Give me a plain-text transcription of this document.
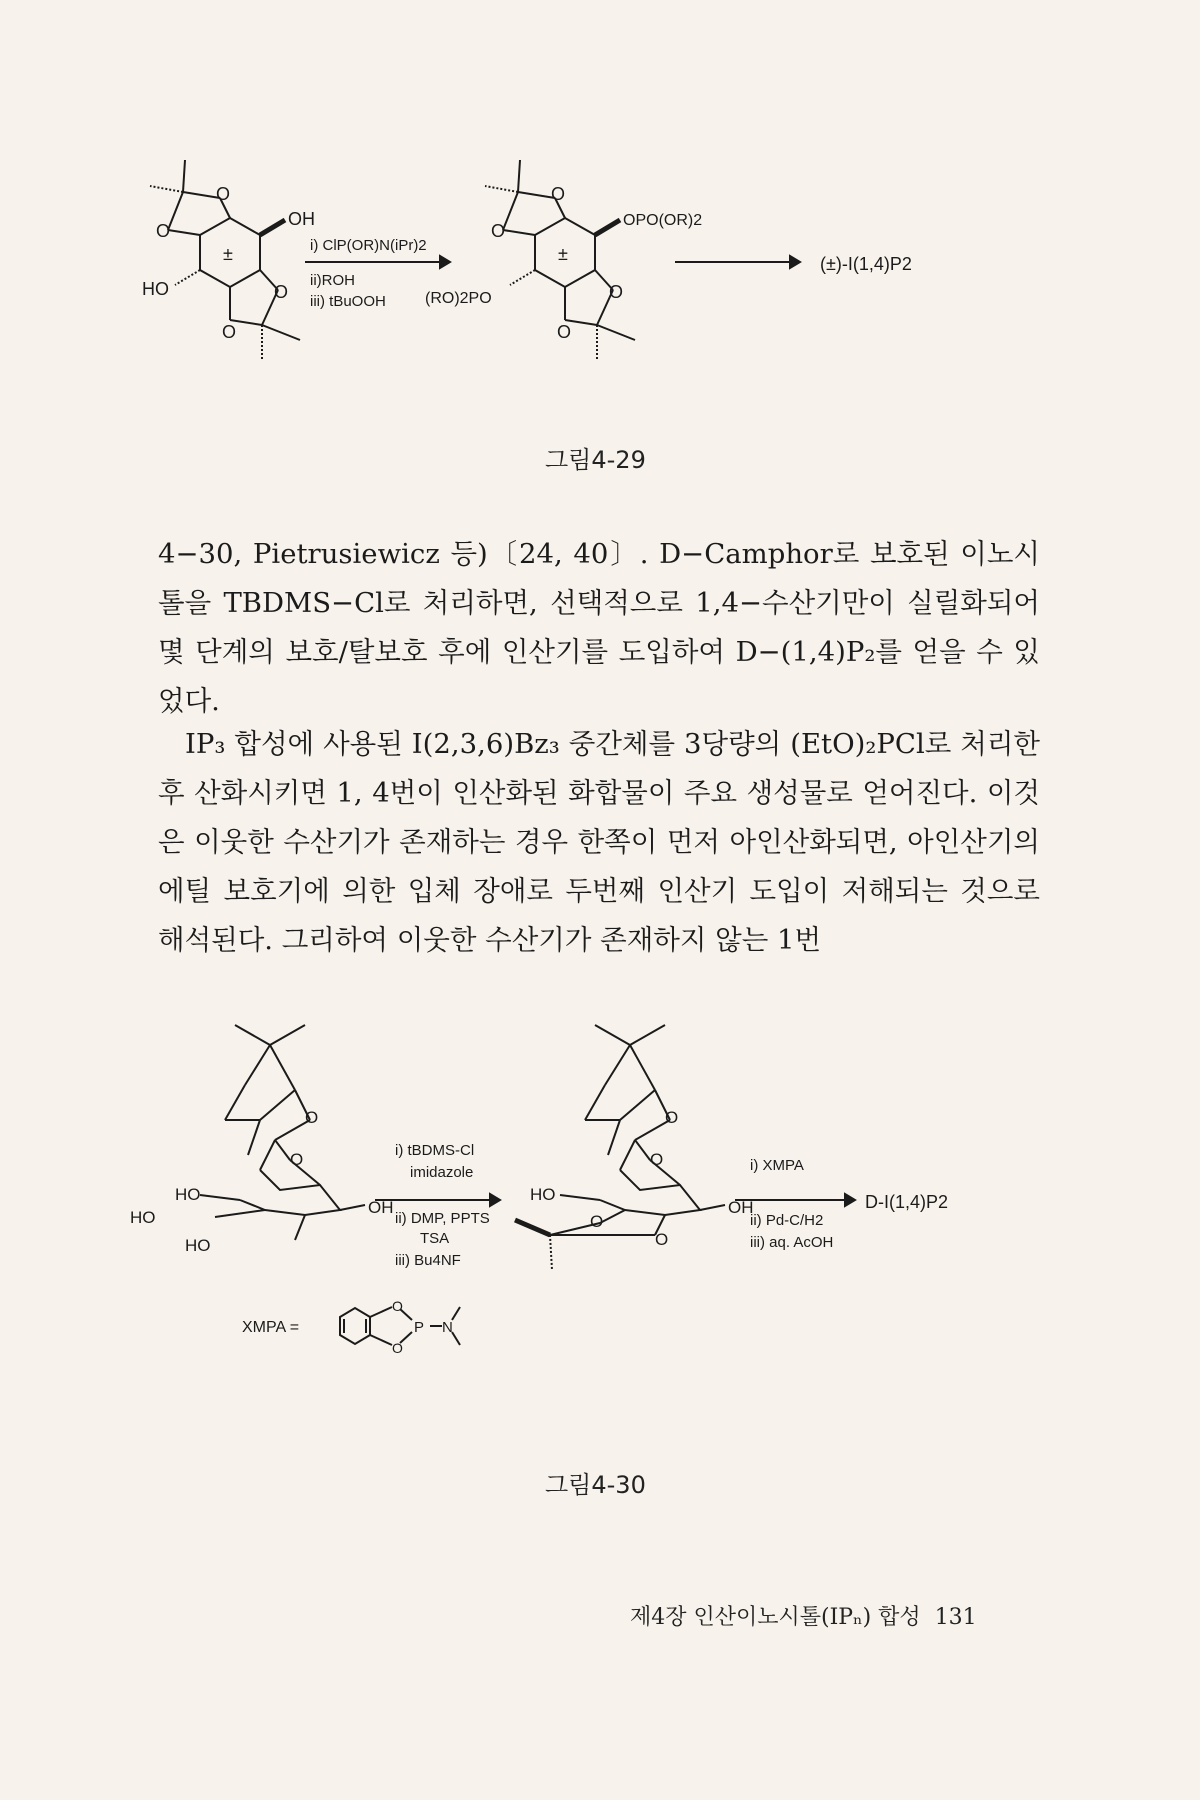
±
OH
HO
O
O
O
O
i) ClP(OR)N(iPr)2
ii)ROH
iii) tBuOOH
±
OPO(OR)2
(RO)2PO
O
O
O
O
(±)-I(1,4)P2
그림4-29
4−30, Pietrusiewicz 등)〔24, 40〕. D−Camphor로 보호된 이노시톨을 TBDMS−Cl로 처리하면, 선택적으로 1,4−수산기만이 실릴화되어 몇 단계의 보호/탈보호 후에 인산기를 도입하여 D−(1,4)P₂를 얻을 수 있었다.
IP₃ 합성에 사용된 I(2,3,6)Bz₃ 중간체를 3당량의 (EtO)₂PCl로 처리한 후 산화시키면 1, 4번이 인산화된 화합물이 주요 생성물로 얻어진다. 이것은 이웃한 수산기가 존재하는 경우 한쪽이 먼저 아인산화되면, 아인산기의 에틸 보호기에 의한 입체 장애로 두번째 인산기 도입이 저해되는 것으로 해석된다. 그리하여 이웃한 수산기가 존재하지 않는 1번
O
O
HO
HO
HO
OH
i) tBDMS-Cl
imidazole
ii) DMP, PPTS
TSA
iii) Bu4NF
O
O
HO
OH
O
O
i) XMPA
ii) Pd-C/H2
iii) aq. AcOH
D-I(1,4)P2
XMPA =
O
O
P N
그림4-30
제4장 인산이노시톨(IPₙ) 합성 131
